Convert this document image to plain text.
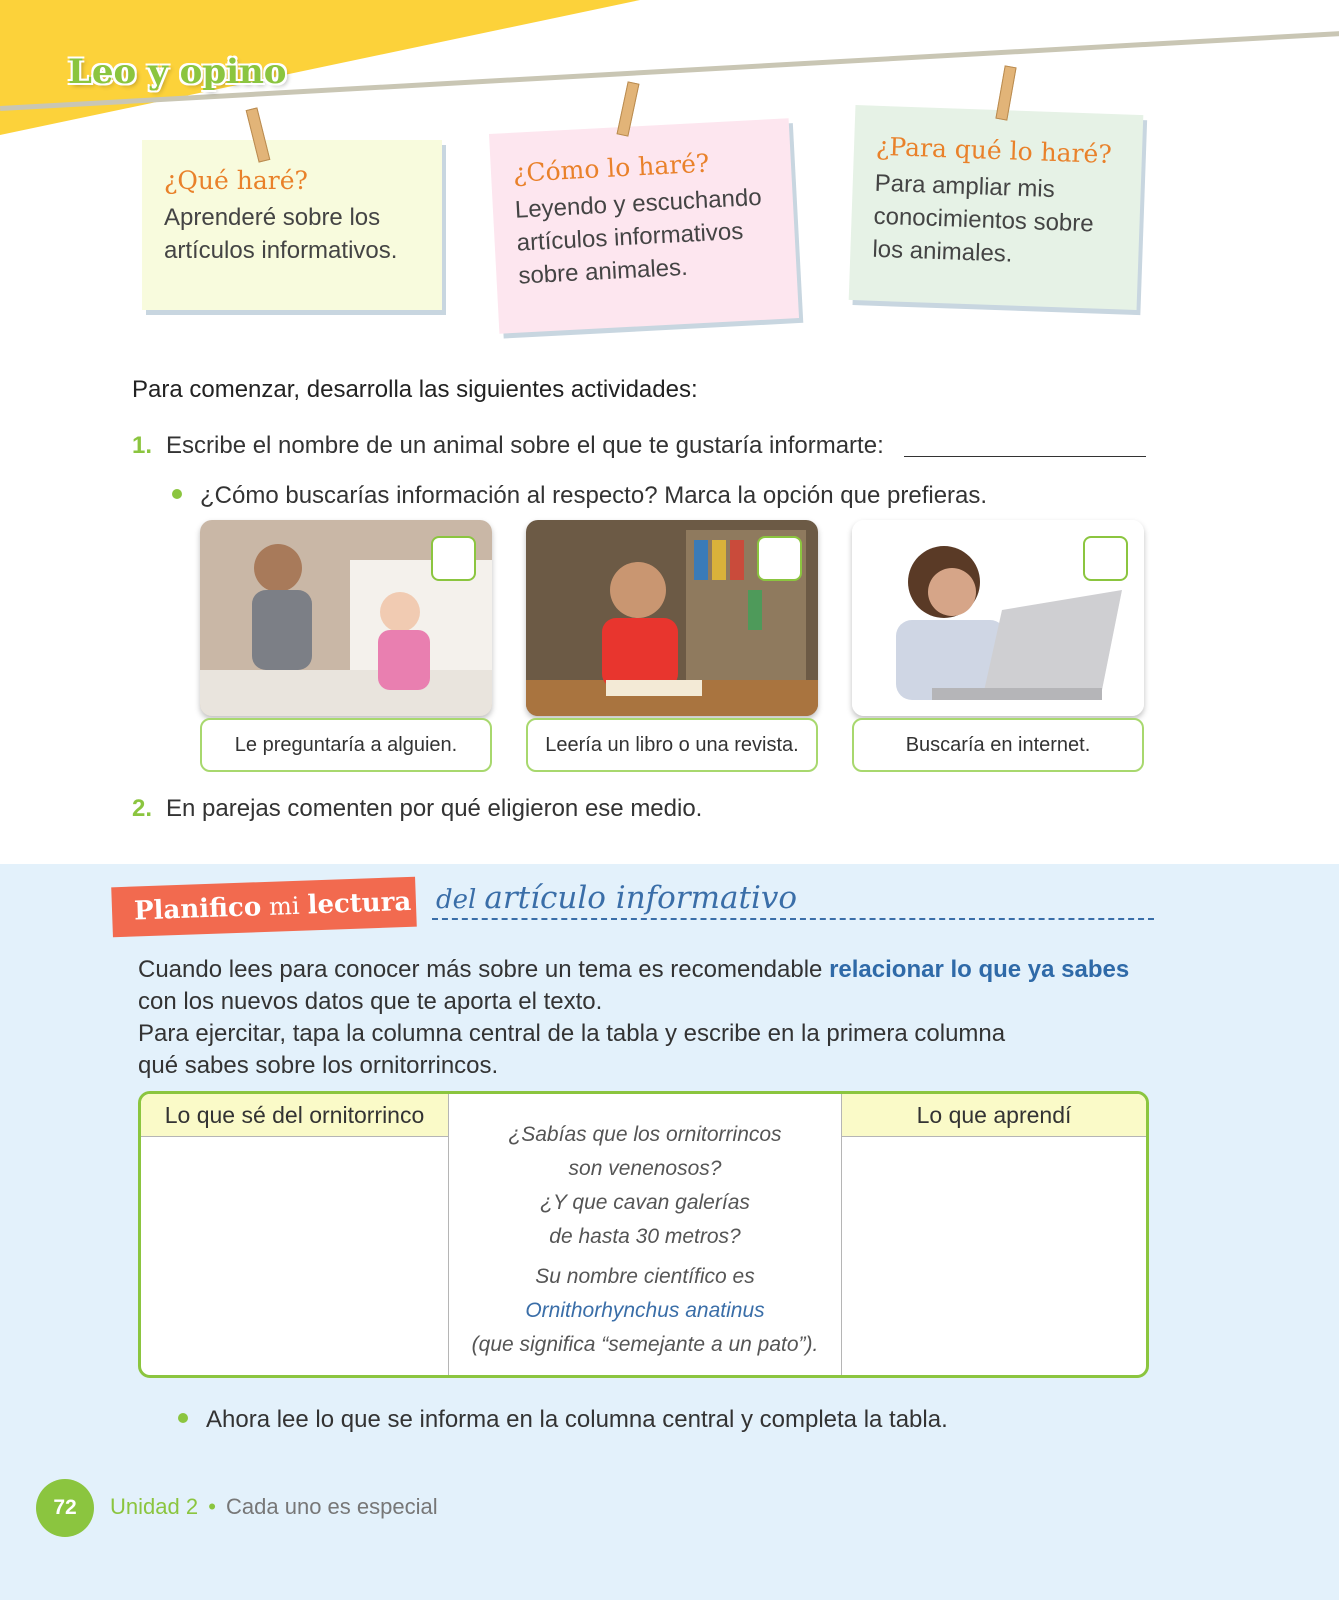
Leo y opino
¿Qué haré?
Aprenderé sobre los artículos informativos.
¿Cómo lo haré?
Leyendo y escuchando artículos informativos sobre animales.
¿Para qué lo haré?
Para ampliar mis conocimientos sobre los animales.
Para comenzar, desarrolla las siguientes actividades:
1. Escribe el nombre de un animal sobre el que te gustaría informarte:
¿Cómo buscarías información al respecto? Marca la opción que prefieras.
Le preguntaría a alguien.	Leería un libro o una revista.	Buscaría en internet.
2. En parejas comenten por qué eligieron ese medio.
Planifico mi lectura del artículo informativo
Cuando lees para conocer más sobre un tema es recomendable relacionar lo que ya sabes
con los nuevos datos que te aporta el texto.
Para ejercitar, tapa la columna central de la tabla y escribe en la primera columna qué sabes sobre los ornitorrincos.
Lo que sé del ornitorrinco
¿Sabías que los ornitorrincos
son venenosos?
¿Y que cavan galerías
de hasta 30 metros?
Su nombre científico es
Ornithorhynchus anatinus
(que significa “semejante a un pato”).
Lo que aprendí
Ahora lee lo que se informa en la columna central y completa la tabla.
72	Unidad 2 • Cada uno es especial
